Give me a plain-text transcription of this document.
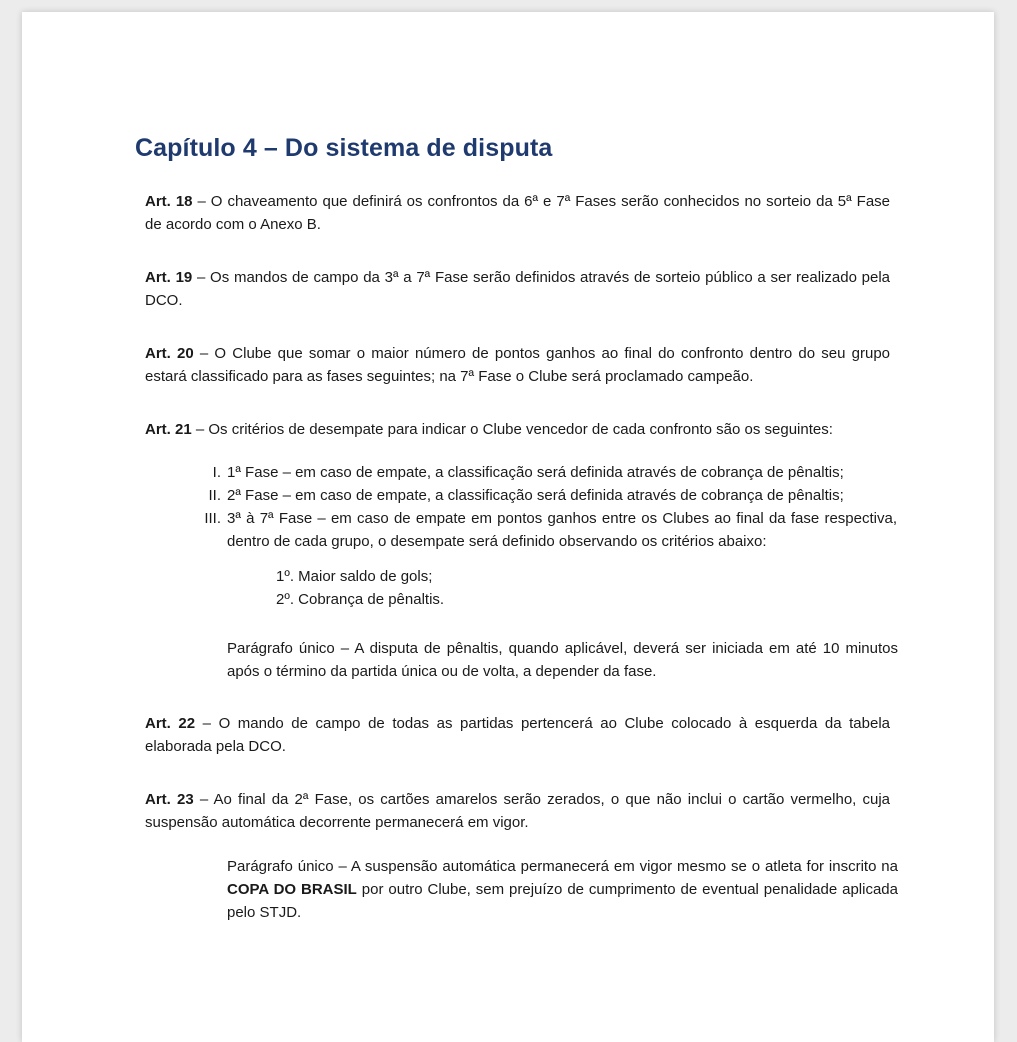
Capítulo 4 – Do sistema de disputa

Art. 18 – O chaveamento que definirá os confrontos da 6ª e 7ª Fases serão conhecidos no sorteio da 5ª Fase de acordo com o Anexo B.

Art. 19 – Os mandos de campo da 3ª a 7ª Fase serão definidos através de sorteio público a ser realizado pela DCO.

Art. 20 – O Clube que somar o maior número de pontos ganhos ao final do confronto dentro do seu grupo estará classificado para as fases seguintes; na 7ª Fase o Clube será proclamado campeão.

Art. 21 – Os critérios de desempate para indicar o Clube vencedor de cada confronto são os seguintes:

I. 1ª Fase – em caso de empate, a classificação será definida através de cobrança de pênaltis;
II. 2ª Fase – em caso de empate, a classificação será definida através de cobrança de pênaltis;
III. 3ª à 7ª Fase – em caso de empate em pontos ganhos entre os Clubes ao final da fase respectiva, dentro de cada grupo, o desempate será definido observando os critérios abaixo:
1º. Maior saldo de gols;
2º. Cobrança de pênaltis.

Parágrafo único – A disputa de pênaltis, quando aplicável, deverá ser iniciada em até 10 minutos após o término da partida única ou de volta, a depender da fase.

Art. 22 – O mando de campo de todas as partidas pertencerá ao Clube colocado à esquerda da tabela elaborada pela DCO.

Art. 23 – Ao final da 2ª Fase, os cartões amarelos serão zerados, o que não inclui o cartão vermelho, cuja suspensão automática decorrente permanecerá em vigor.

Parágrafo único – A suspensão automática permanecerá em vigor mesmo se o atleta for inscrito na COPA DO BRASIL por outro Clube, sem prejuízo de cumprimento de eventual penalidade aplicada pelo STJD.
